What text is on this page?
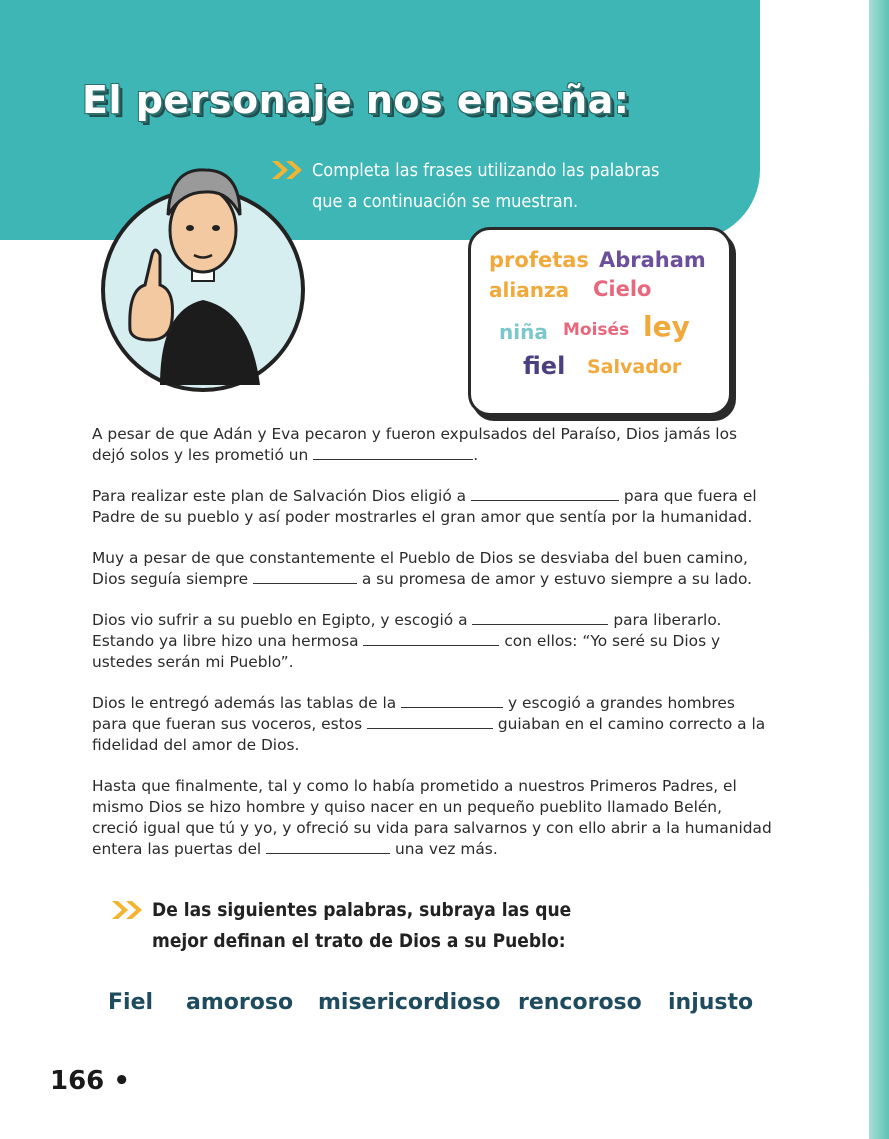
El personaje nos enseña:
Completa las frases utilizando las palabras que a continuación se muestran.
profetas Abraham
alianza Cielo
niña Moisés ley
fiel Salvador

A pesar de que Adán y Eva pecaron y fueron expulsados del Paraíso, Dios jamás los dejó solos y les prometió un	.

Para realizar este plan de Salvación Dios eligió a	para que fuera el Padre de su pueblo y así poder mostrarles el gran amor que sentía por la humanidad.

Muy a pesar de que constantemente el Pueblo de Dios se desviaba del buen camino, Dios seguía siempre	a su promesa de amor y estuvo siempre a su lado.

Dios vio sufrir a su pueblo en Egipto, y escogió a	para liberarlo. Estando ya libre hizo una hermosa	con ellos: “Yo seré su Dios y ustedes serán mi Pueblo”.

Dios le entregó además las tablas de la	y escogió a grandes hombres para que fueran sus voceros, estos	guiaban en el camino correcto a la fidelidad del amor de Dios.

Hasta que finalmente, tal y como lo había prometido a nuestros Primeros Padres, el mismo Dios se hizo hombre y quiso nacer en un pequeño pueblito llamado Belén, creció igual que tú y yo, y ofreció su vida para salvarnos y con ello abrir a la humanidad entera las puertas del	una vez más.

De las siguientes palabras, subraya las que mejor definan el trato de Dios a su Pueblo:
Fiel amoroso misericordioso rencoroso injusto
166 •
